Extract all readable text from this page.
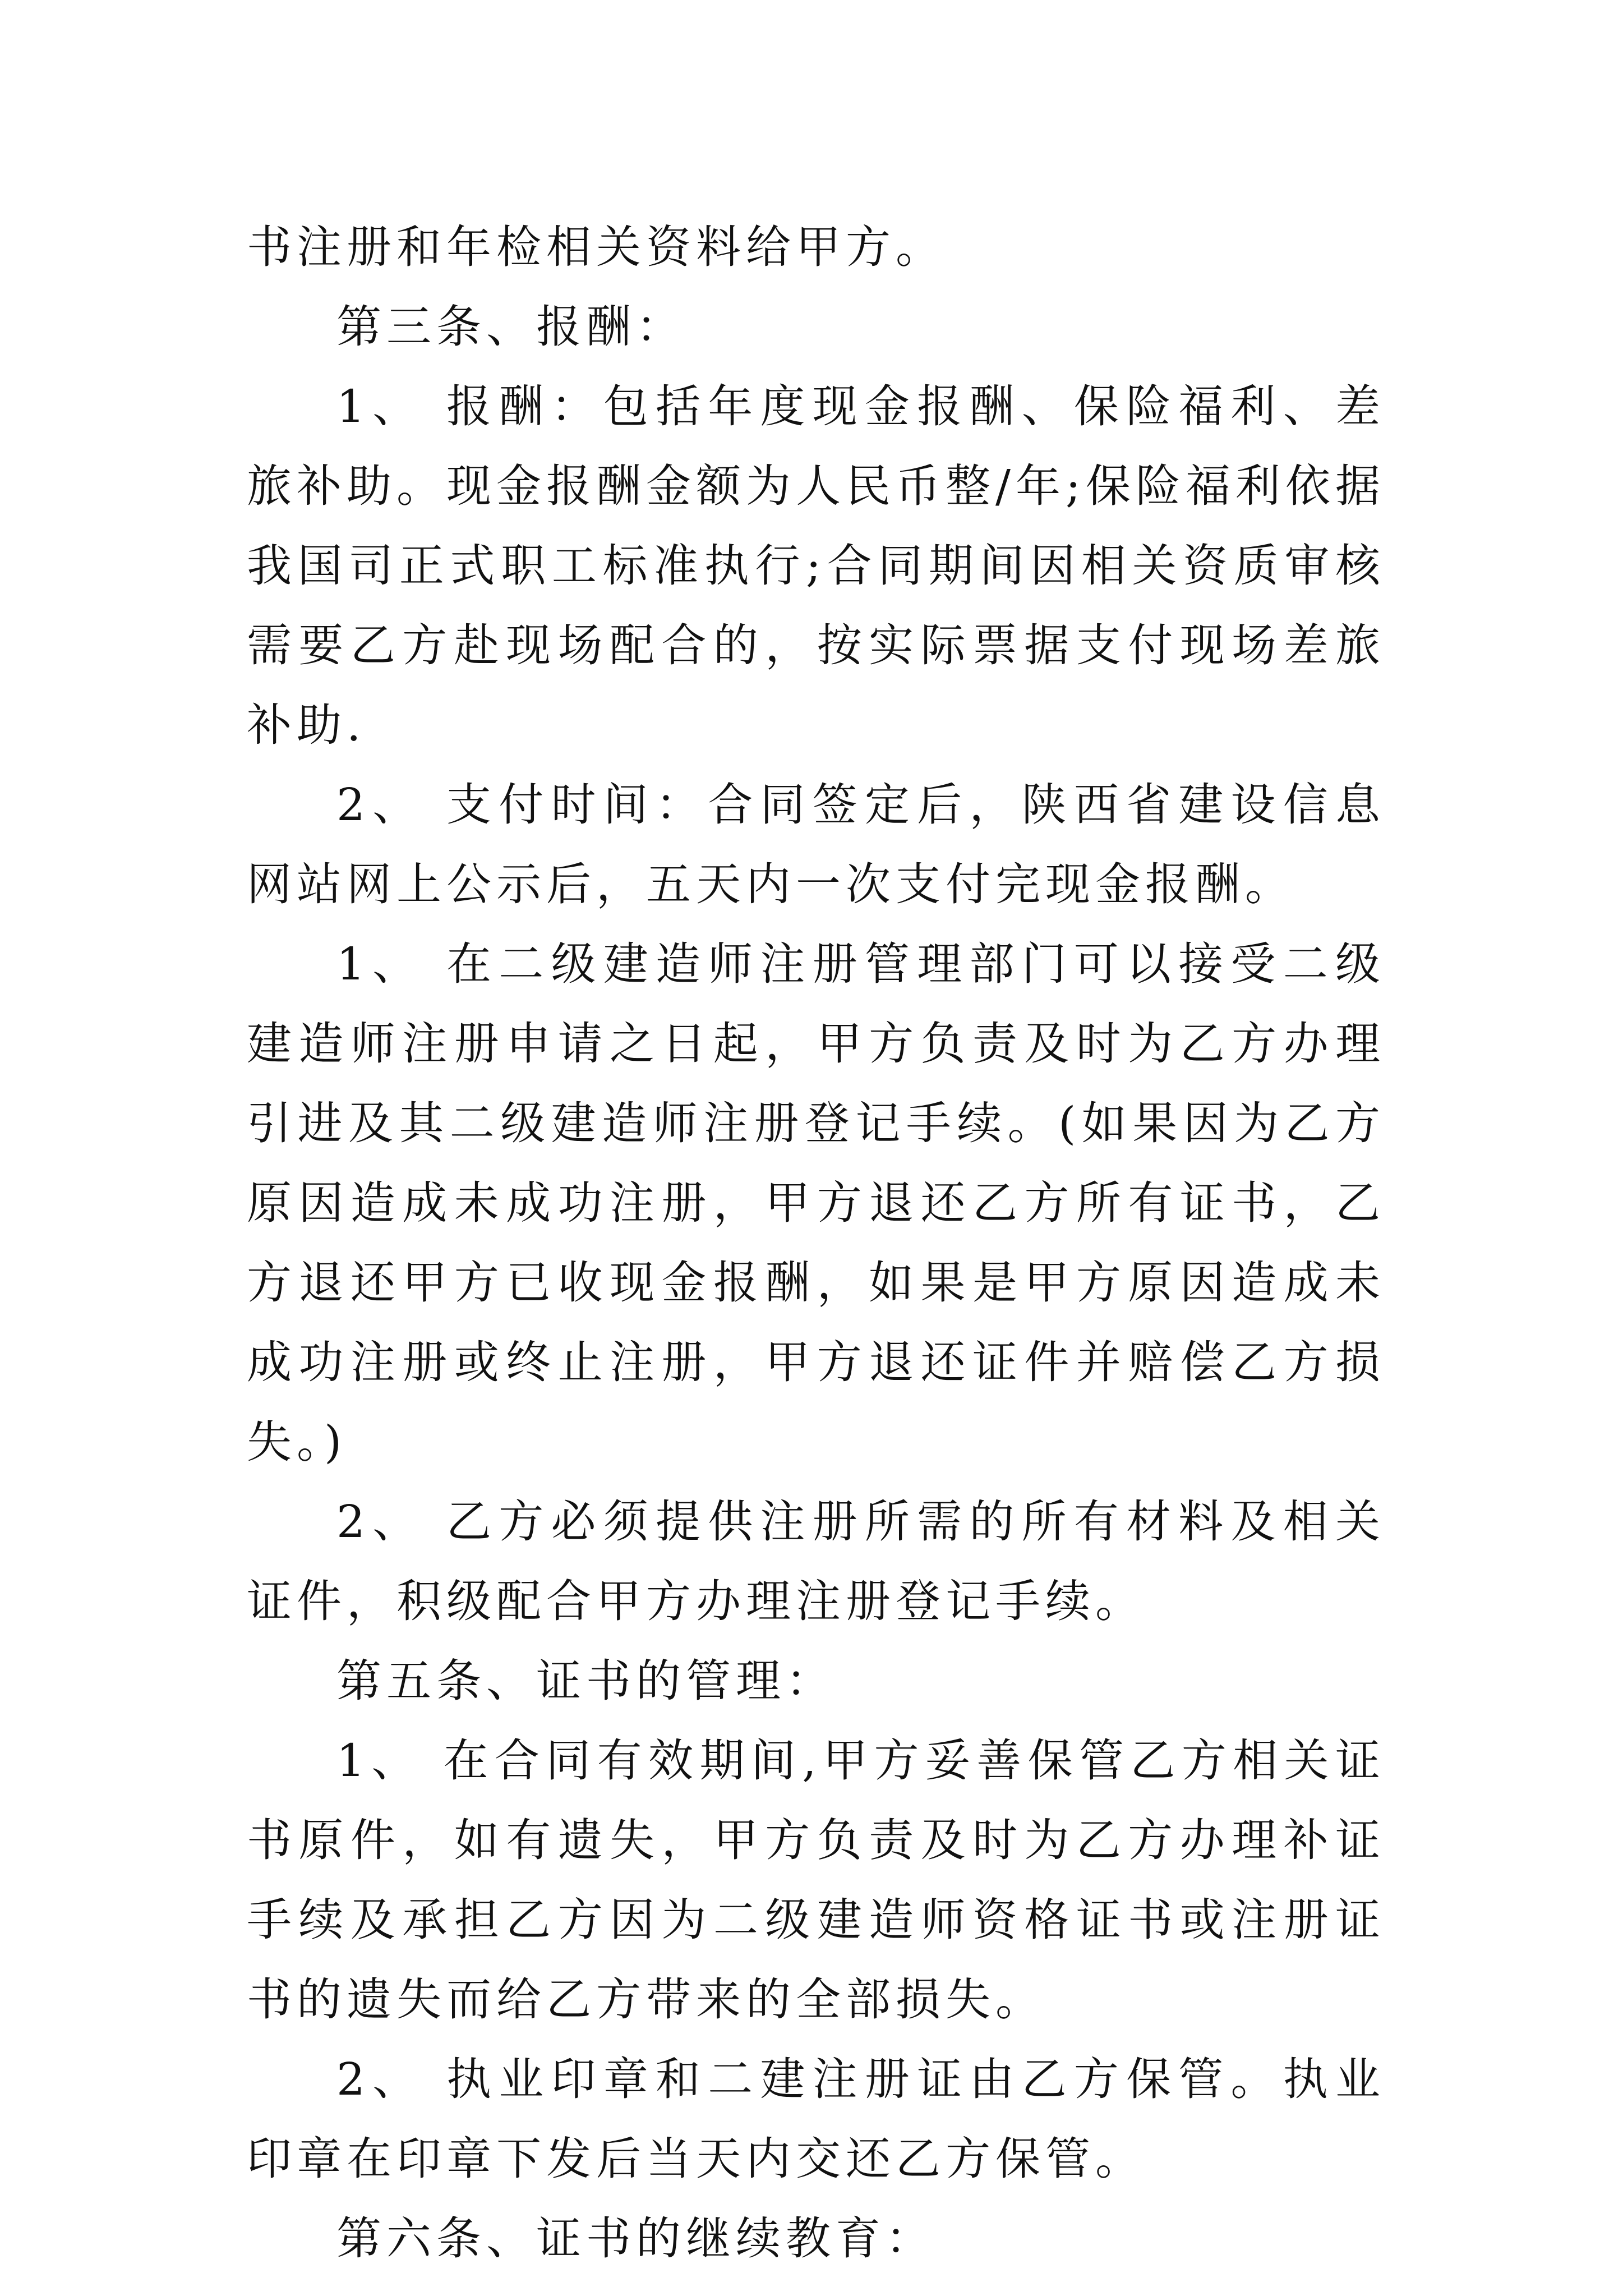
书注册和年检相关资料给甲方。

第三条、报酬：

1、 报酬：包括年度现金报酬、保险福利、差旅补助。现金报酬金额为人民币整/年;保险福利依据我国司正式职工标准执行;合同期间因相关资质审核需要乙方赴现场配合的，按实际票据支付现场差旅补助.

2、 支付时间：合同签定后，陕西省建设信息网站网上公示后，五天内一次支付完现金报酬。

1、 在二级建造师注册管理部门可以接受二级建造师注册申请之日起，甲方负责及时为乙方办理引进及其二级建造师注册登记手续。(如果因为乙方原因造成未成功注册，甲方退还乙方所有证书，乙方退还甲方已收现金报酬，如果是甲方原因造成未成功注册或终止注册，甲方退还证件并赔偿乙方损失。)

2、 乙方必须提供注册所需的所有材料及相关证件，积级配合甲方办理注册登记手续。

第五条、证书的管理：

1、 在合同有效期间,甲方妥善保管乙方相关证书原件，如有遗失，甲方负责及时为乙方办理补证手续及承担乙方因为二级建造师资格证书或注册证书的遗失而给乙方带来的全部损失。

2、 执业印章和二建注册证由乙方保管。执业印章在印章下发后当天内交还乙方保管。

第六条、证书的继续教育：
